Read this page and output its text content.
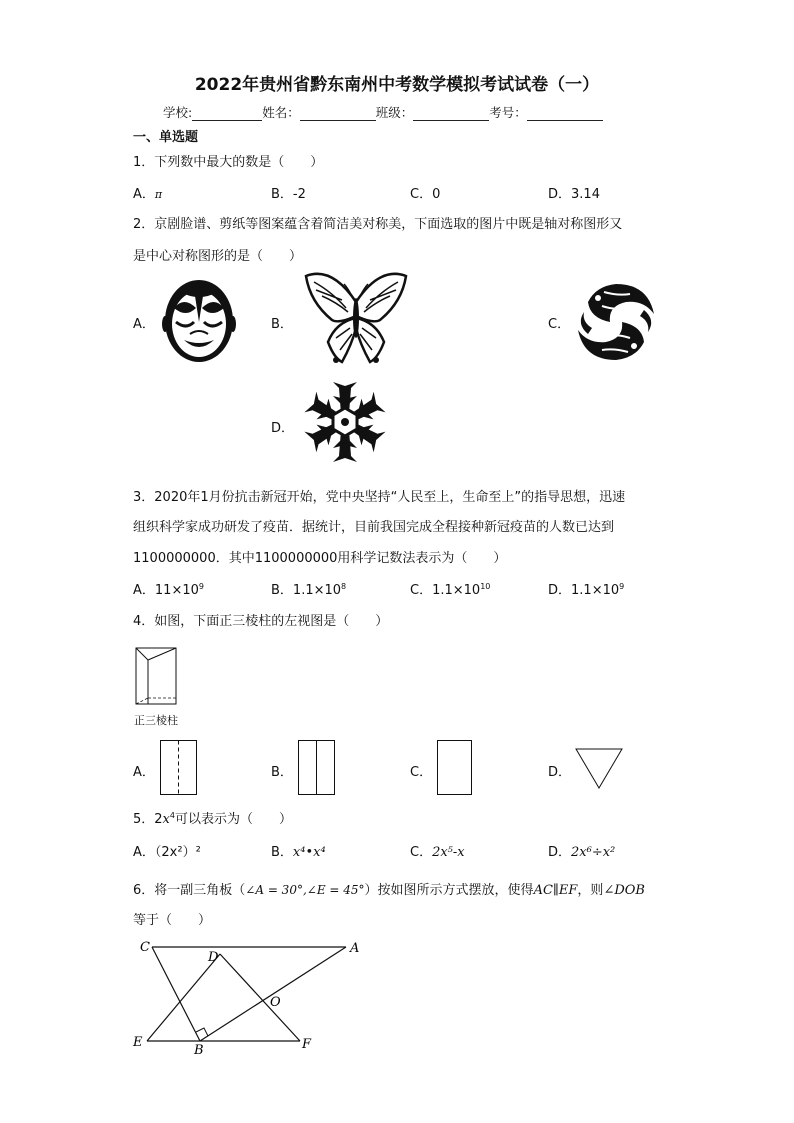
2022年贵州省黔东南州中考数学模拟考试试卷（一）
学校:	姓名：	班级：	考号：
一、单选题
1．下列数中最大的数是（　　）
A．π	B．-2	C．0	D．3.14
2．京剧脸谱、剪纸等图案蕴含着简洁美对称美，下面选取的图片中既是轴对称图形又
是中心对称图形的是（　　）
A．	B．	C．
D．
3．2020年1月份抗击新冠开始，党中央坚持“人民至上，生命至上”的指导思想，迅速
组织科学家成功研发了疫苗．据统计，目前我国完成全程接种新冠疫苗的人数已达到
1100000000．其中1100000000用科学记数法表示为（　　）
A．$11\times 10^9$	B．$1.1\times 10^8$	C．$1.1\times 10^{10}$	D．$1.1\times 10^9$
4．如图，下面正三棱柱的左视图是（　　）
正三棱柱
A．	B．	C．	D．
5．$2x^4$可以表示为（　　）
A．（2x²）²	B．x⁴•x⁴	C．2x⁵-x	D．2x⁶÷x²
6．将一副三角板（∠A = 30°,∠E = 45°）按如图所示方式摆放，使得AC∥EF，则∠DOB
等于（　　）
C	A
D
O
E
B	F
